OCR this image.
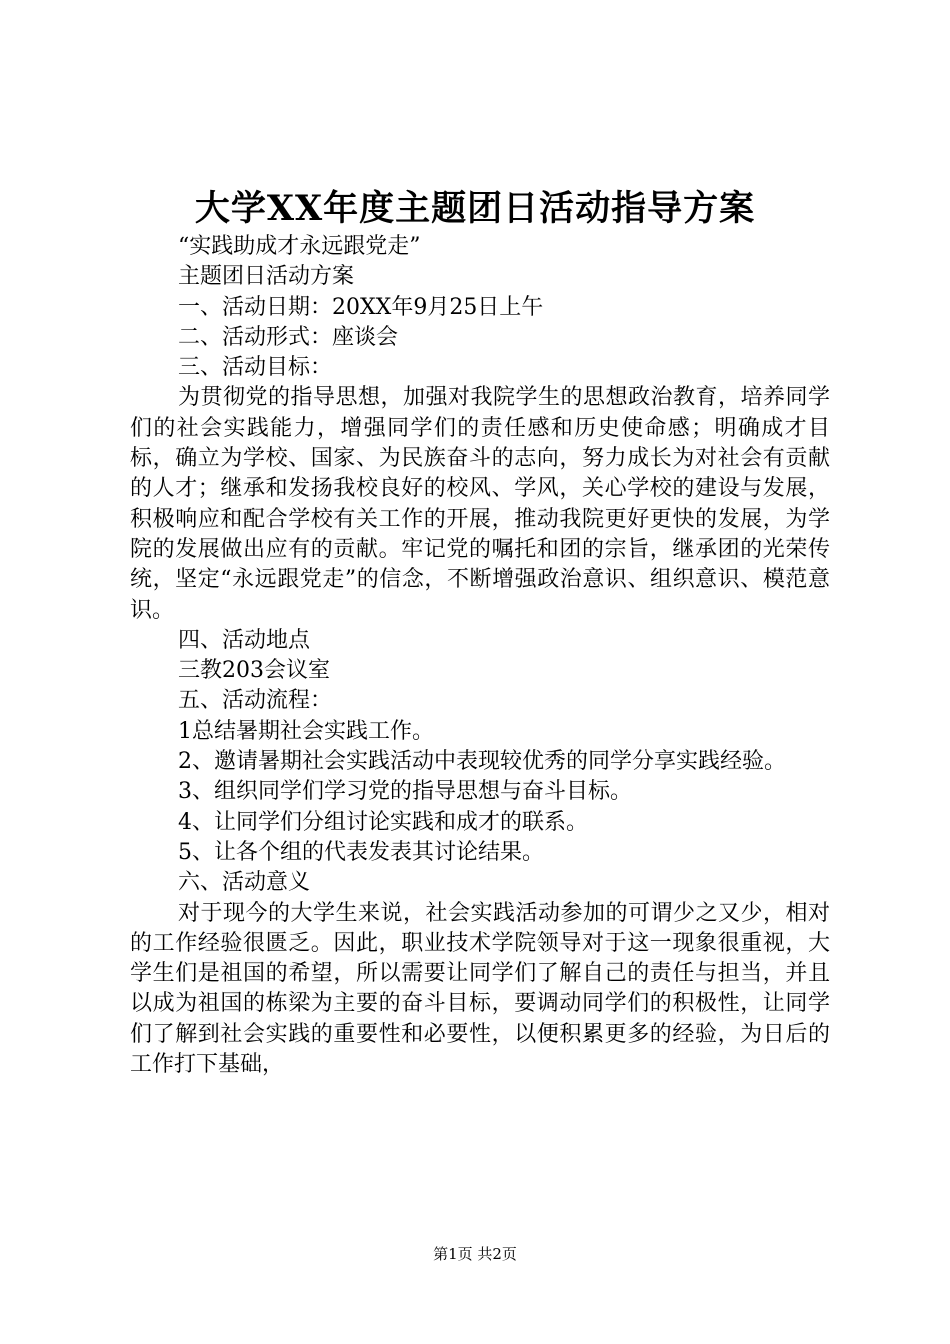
大学XX年度主题团日活动指导方案

“实践助成才永远跟党走”

主题团日活动方案

一、活动日期：20XX年9月25日上午

二、活动形式：座谈会

三、活动目标：

为贯彻党的指导思想，加强对我院学生的思想政治教育，培养同学们的社会实践能力，增强同学们的责任感和历史使命感；明确成才目标，确立为学校、国家、为民族奋斗的志向，努力成长为对社会有贡献的人才；继承和发扬我校良好的校风、学风，关心学校的建设与发展，积极响应和配合学校有关工作的开展，推动我院更好更快的发展，为学院的发展做出应有的贡献。牢记党的嘱托和团的宗旨，继承团的光荣传统，坚定“永远跟党走”的信念，不断增强政治意识、组织意识、模范意识。

四、活动地点

三教203会议室

五、活动流程：

1总结暑期社会实践工作。

2、邀请暑期社会实践活动中表现较优秀的同学分享实践经验。

3、组织同学们学习党的指导思想与奋斗目标。

4、让同学们分组讨论实践和成才的联系。

5、让各个组的代表发表其讨论结果。

六、活动意义

对于现今的大学生来说，社会实践活动参加的可谓少之又少，相对的工作经验很匮乏。因此，职业技术学院领导对于这一现象很重视，大学生们是祖国的希望，所以需要让同学们了解自己的责任与担当，并且以成为祖国的栋梁为主要的奋斗目标，要调动同学们的积极性，让同学们了解到社会实践的重要性和必要性，以便积累更多的经验，为日后的工作打下基础，

第1页 共2页
